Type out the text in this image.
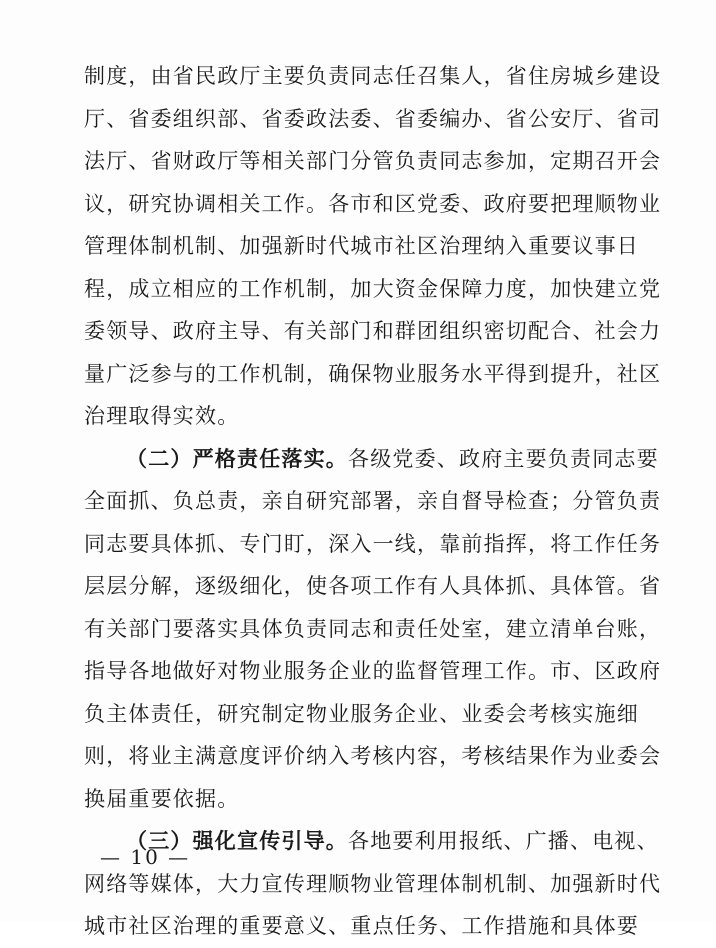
制度，由省民政厅主要负责同志任召集人，省住房城乡建设
厅、省委组织部、省委政法委、省委编办、省公安厅、省司
法厅、省财政厅等相关部门分管负责同志参加，定期召开会
议，研究协调相关工作。各市和区党委、政府要把理顺物业
管理体制机制、加强新时代城市社区治理纳入重要议事日
程，成立相应的工作机制，加大资金保障力度，加快建立党
委领导、政府主导、有关部门和群团组织密切配合、社会力
量广泛参与的工作机制，确保物业服务水平得到提升，社区
治理取得实效。
（二）严格责任落实。各级党委、政府主要负责同志要
全面抓、负总责，亲自研究部署，亲自督导检查；分管负责
同志要具体抓、专门盯，深入一线，靠前指挥，将工作任务
层层分解，逐级细化，使各项工作有人具体抓、具体管。省
有关部门要落实具体负责同志和责任处室，建立清单台账，
指导各地做好对物业服务企业的监督管理工作。市、区政府
负主体责任，研究制定物业服务企业、业委会考核实施细
则，将业主满意度评价纳入考核内容，考核结果作为业委会
换届重要依据。
（三）强化宣传引导。各地要利用报纸、广播、电视、
网络等媒体，大力宣传理顺物业管理体制机制、加强新时代
城市社区治理的重要意义、重点任务、工作措施和具体要
— 10 —
